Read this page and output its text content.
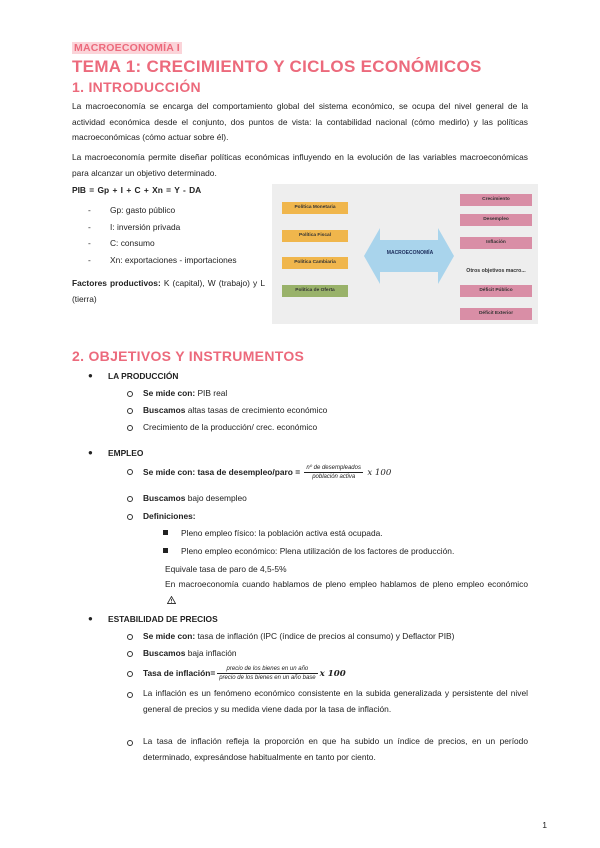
MACROECONOMÍA I
TEMA 1: CRECIMIENTO Y CICLOS ECONÓMICOS
1. INTRODUCCIÓN
La macroeconomía se encarga del comportamiento global del sistema económico, se ocupa del nivel general de la actividad económica desde el conjunto, dos puntos de vista: la contabilidad nacional (cómo medirlo) y las políticas macroeconómicas (cómo actuar sobre él).
La macroeconomía permite diseñar políticas económicas influyendo en la evolución de las variables macroeconómicas para alcanzar un objetivo determinado.
PIB = Gp + I + C + Xn = Y - DA
- Gp: gasto público
- I: inversión privada
- C: consumo
- Xn: exportaciones - importaciones
Factores productivos: K (capital), W (trabajo) y L (tierra)
Política Monetaria
Política Fiscal
Política Cambiaria
Política de Oferta
MACROECONOMÍA
Crecimiento
Desempleo
Inflación
Otros objetivos macro...
Déficit Público
Déficit Exterior
2. OBJETIVOS Y INSTRUMENTOS
● LA PRODUCCIÓN
Se mide con: PIB real
Buscamos altas tasas de crecimiento económico
Crecimiento de la producción/ crec. económico
● EMPLEO
Se mide con: tasa de desempleo/paro = $\frac{\text{nº de desempleados}}{\text{población activa}}$ x 100
Buscamos bajo desempleo
Definiciones:
Pleno empleo físico: la población activa está ocupada.
Pleno empleo económico: Plena utilización de los factores de producción.
Equivale tasa de paro de 4,5-5%
En macroeconomía cuando hablamos de pleno empleo hablamos de pleno empleo económico
● ESTABILIDAD DE PRECIOS
Se mide con: tasa de inflación (IPC (índice de precios al consumo) y Deflactor PIB)
Buscamos baja inflación
Tasa de inflación= $\frac{\text{precio de los bienes en un año}}{\text{precio de los bienes en un año base}}$ x 100
La inflación es un fenómeno económico consistente en la subida generalizada y persistente del nivel general de precios y su medida viene dada por la tasa de inflación.
La tasa de inflación refleja la proporción en que ha subido un índice de precios, en un período determinado, expresándose habitualmente en tanto por ciento.
1
